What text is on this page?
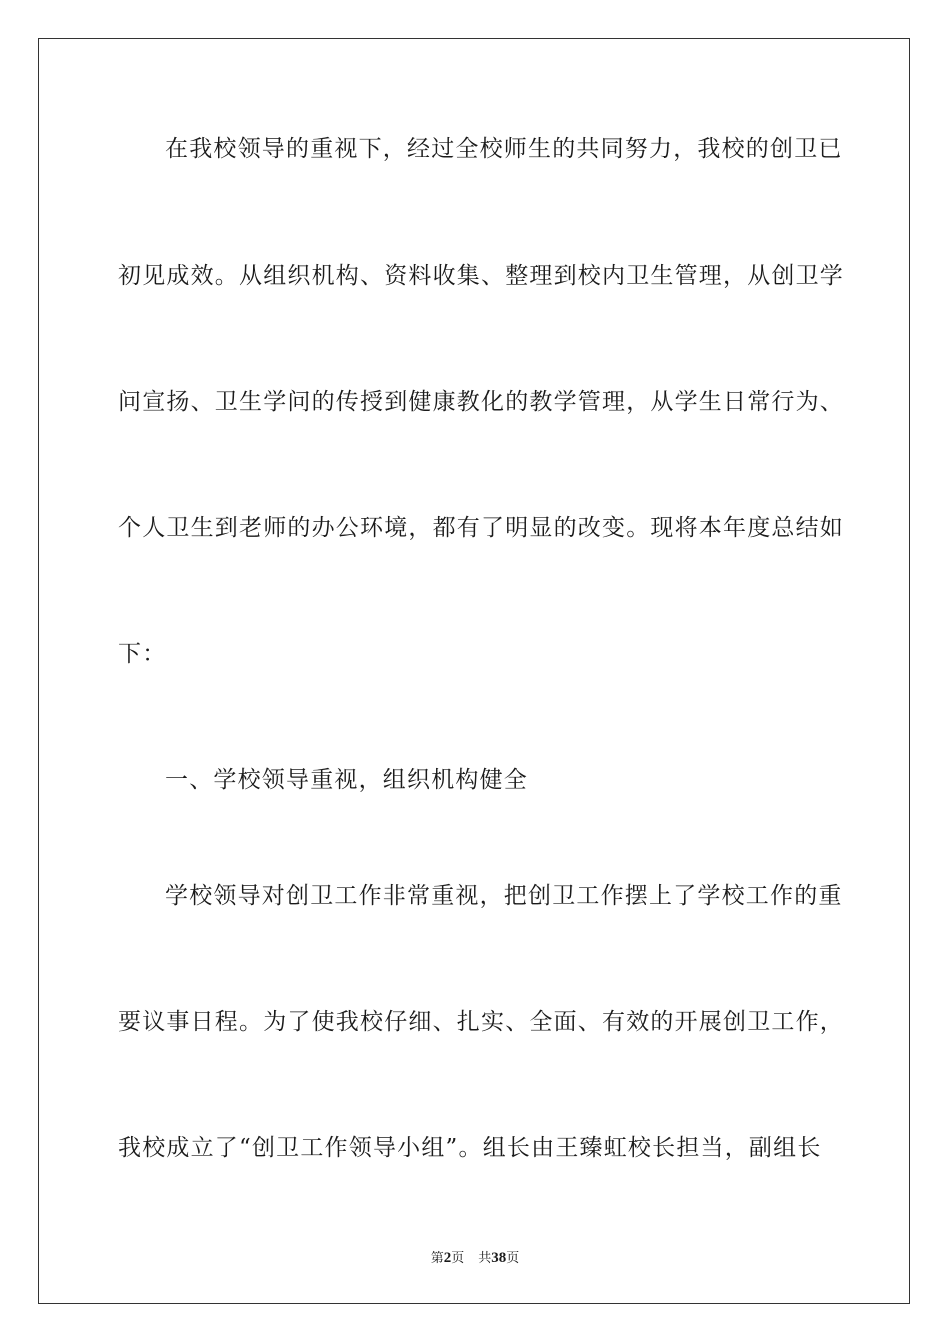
在我校领导的重视下，经过全校师生的共同努力，我校的创卫已
初见成效。从组织机构、资料收集、整理到校内卫生管理，从创卫学
问宣扬、卫生学问的传授到健康教化的教学管理，从学生日常行为、
个人卫生到老师的办公环境，都有了明显的改变。现将本年度总结如
下：
一、学校领导重视，组织机构健全
学校领导对创卫工作非常重视，把创卫工作摆上了学校工作的重
要议事日程。为了使我校仔细、扎实、全面、有效的开展创卫工作，
我校成立了“创卫工作领导小组”。组长由王臻虹校长担当，副组长
第2页 共38页
